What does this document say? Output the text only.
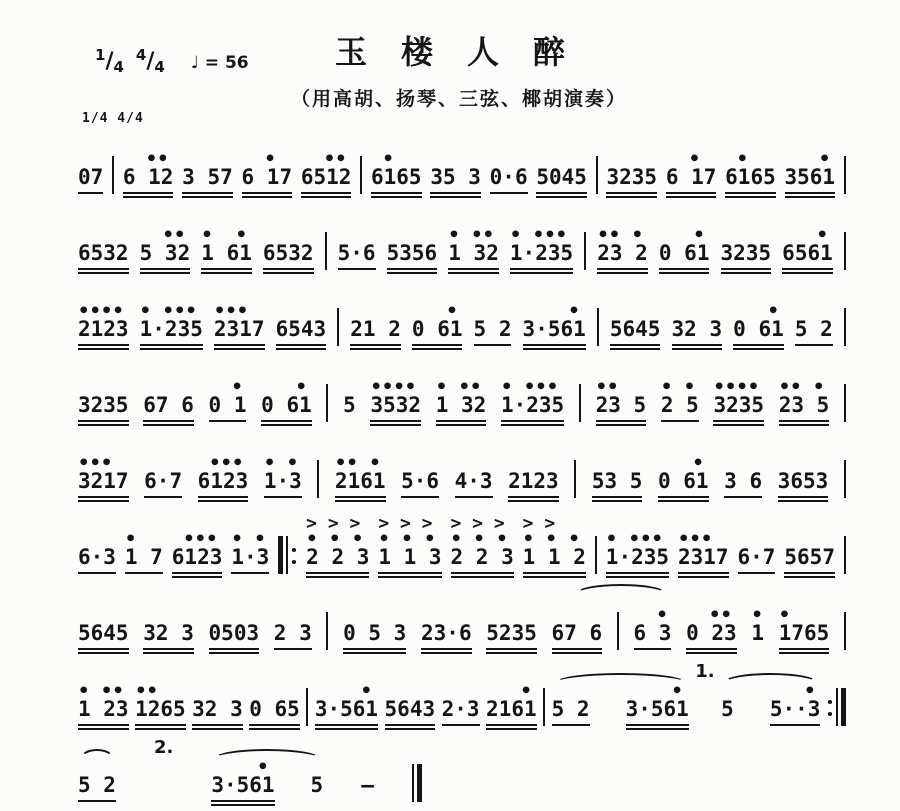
$^1/_4^4/_4$ ♩ = 56	玉楼人醉
（用高胡、扬琴、三弦、椰胡演奏）
1/4 4/4

07
••
6 12
3 57
•
6 17
••
6512
•
6165
35 3
0·6
5045
3235
•
6 17
•
6165
•
3561

6532
••
5 32
•  •
1 61
6532
5·6
5356
• ••
1 32
• •••
1·235
•• •
23 2
•
0 61
3235
•
6561
••••
2123
• •••
1·235
•••
2317
6543
21 2
•
0 61
5 2
•
3·561
5645
32 3
•
0 61
5 2

3235
67 6
•
0 1
•
0 61
5
••••
3532
• ••
1 32
• •••
1·235
••
23 5
• •
2 5
••••
3235
•• •
23 5
•••
3217
6·7
•••
6123
• •
1·3
•• •
2161
5·6
4·3
2123
53 5
•
0 61
3 6
3653

6·3
•
1 7
•••
6123
• •
1·3
> > >
• • •
2 2 3
> > >
• • •
1 1 3
> > >
• • •
2 2 3
> >
• • •
1 1 2
• •••
1·235
•••
2317
6·7
5657

5645
32 3
0503
2 3
0 5 3
23·6
5235
67 6
•
6 3
••
0 23
•
1
•
1765
• ••
1 23
••
1265
32 3
0 65
•
3·561
5643
2·3
•
2161
5 2
•
3·561
1.

5
•
5··3

5 2
2.
•
3·561
5
—
